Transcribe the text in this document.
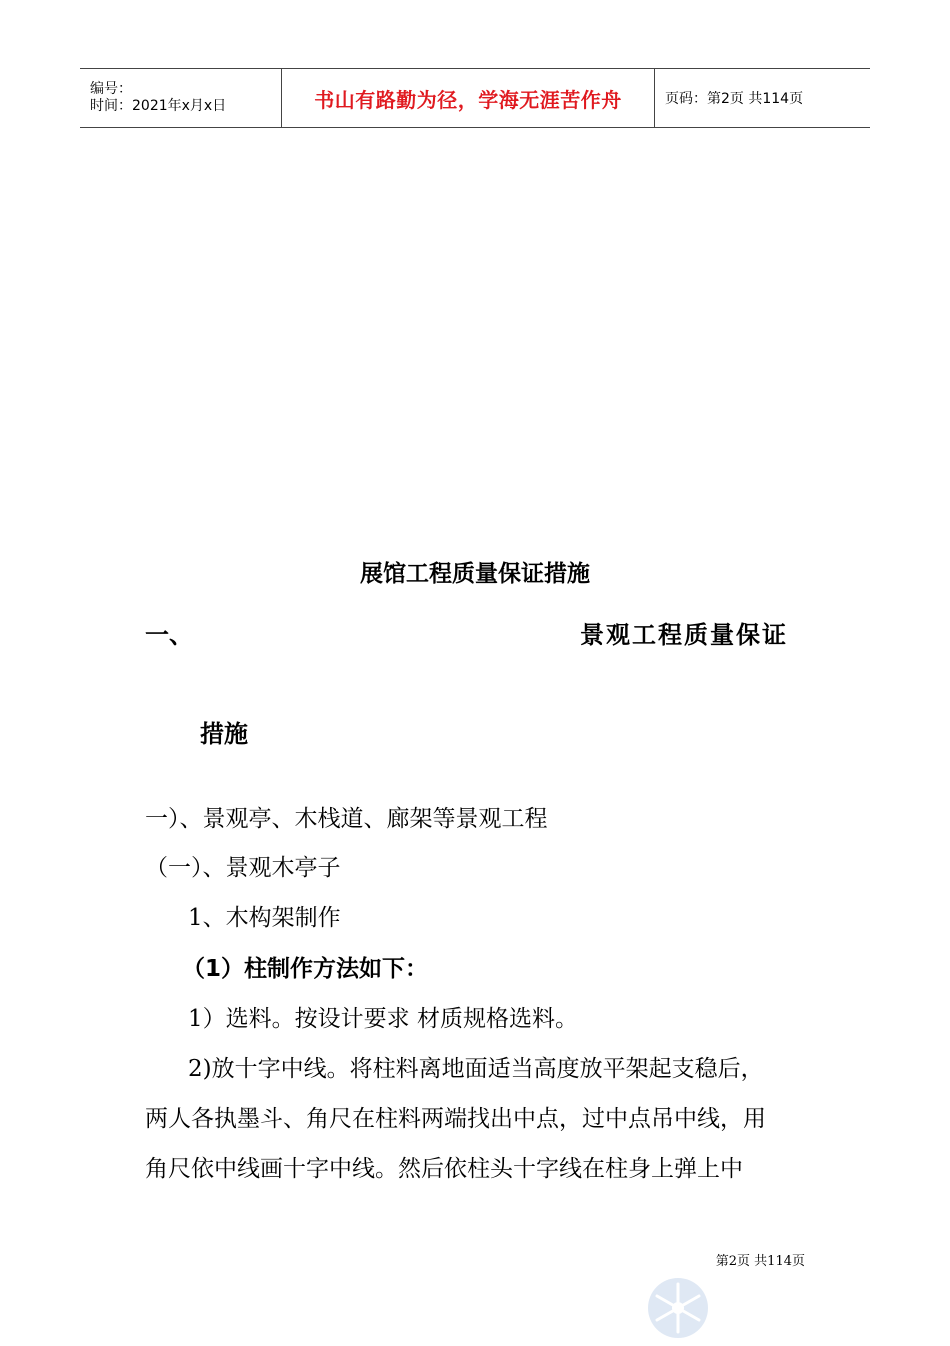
编号：
时间：2021年x月x日	书山有路勤为径，学海无涯苦作舟	页码：第2页 共114页
展馆工程质量保证措施
一、	景观工程质量保证
措施
一）、景观亭、木栈道、廊架等景观工程
（一）、景观木亭子
1、木构架制作
（1）柱制作方法如下：
1）选料。按设计要求 材质规格选料。
2)放十字中线。将柱料离地面适当高度放平架起支稳后，
两人各执墨斗、角尺在柱料两端找出中点，过中点吊中线，用
角尺依中线画十字中线。然后依柱头十字线在柱身上弹上中
第2页 共114页
